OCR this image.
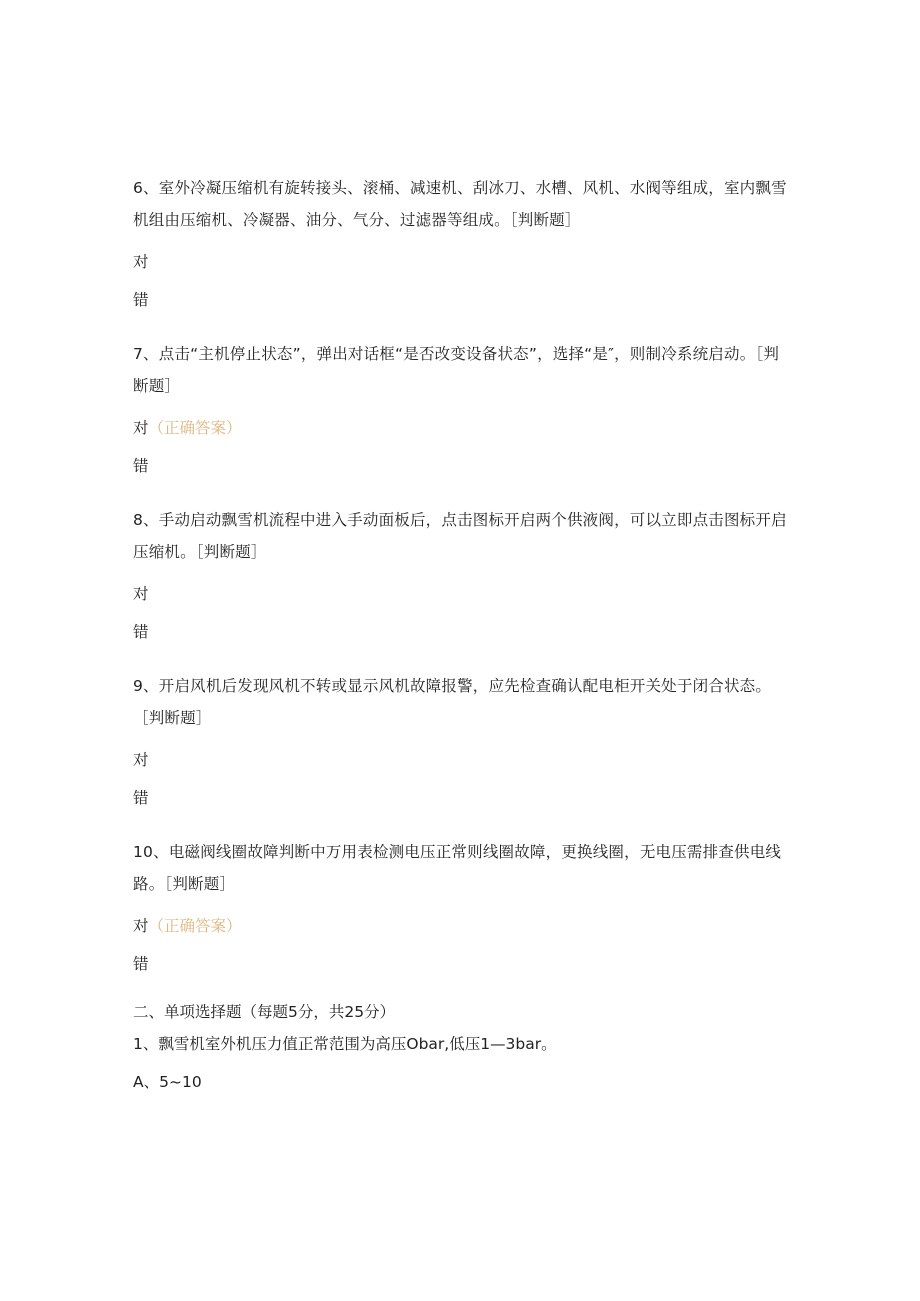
6、室外冷凝压缩机有旋转接头、滚桶、减速机、刮冰刀、水槽、风机、水阀等组成，室内飘雪机组由压缩机、冷凝器、油分、气分、过滤器等组成。［判断题］
对
错
7、点击“主机停止状态”，弹出对话框“是否改变设备状态”，选择“是″，则制冷系统启动。［判断题］
对（正确答案）
错
8、手动启动飘雪机流程中进入手动面板后，点击图标开启两个供液阀，可以立即点击图标开启压缩机。［判断题］
对
错
9、开启风机后发现风机不转或显示风机故障报警，应先检查确认配电柜开关处于闭合状态。［判断题］
对
错
10、电磁阀线圈故障判断中万用表检测电压正常则线圈故障，更换线圈，无电压需排查供电线路。［判断题］
对（正确答案）
错
二、单项选择题（每题5分，共25分）
1、飘雪机室外机压力值正常范围为高压Obar,低压1—3bar。
A、5~10
